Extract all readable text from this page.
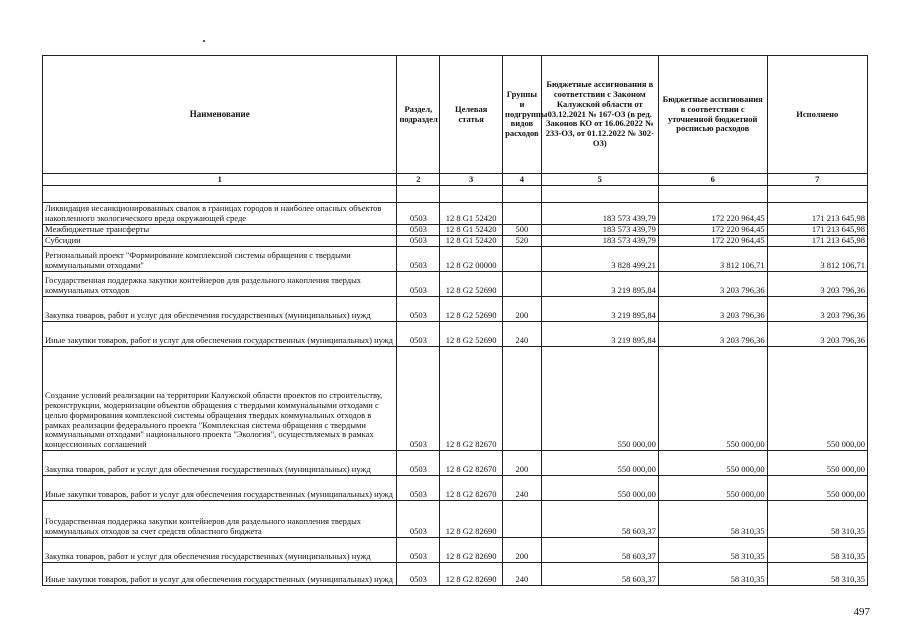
Наименование	Раздел, подраздел	Целевая статья	Группы и подгруппы видов расходов	Бюджетные ассигнования в соответствии с Законом Калужской области от 03.12.2021 № 167-ОЗ (в ред. Законов КО от 16.06.2022 № 233-ОЗ, от 01.12.2022 № 302-ОЗ)	Бюджетные ассигнования в соответствии с уточненной бюджетной росписью расходов	Исполнено
1	2	3	4	5	6	7

Ликвидация несанкционированных свалок в границах городов и наиболее опасных объектов накопленного экологического вреда окружающей среде	0503	12 8 G1 52420		183 573 439,79	172 220 964,45	171 213 645,98
Межбюджетные трансферты	0503	12 8 G1 52420	500	183 573 439,79	172 220 964,45	171 213 645,98
Субсидии	0503	12 8 G1 52420	520	183 573 439,79	172 220 964,45	171 213 645,98
Региональный проект "Формирование комплексной системы обращения с твердыми коммунальными отходами"	0503	12 8 G2 00000		3 828 499,21	3 812 106,71	3 812 106,71
Государственная поддержка закупки контейнеров для раздельного накопления твердых коммунальных отходов	0503	12 8 G2 52690		3 219 895,84	3 203 796,36	3 203 796,36
Закупка товаров, работ и услуг для обеспечения государственных (муниципальных) нужд	0503	12 8 G2 52690	200	3 219 895,84	3 203 796,36	3 203 796,36
Иные закупки товаров, работ и услуг для обеспечения государственных (муниципальных) нужд	0503	12 8 G2 52690	240	3 219 895,84	3 203 796,36	3 203 796,36
Создание условий реализации на территории Калужской области проектов по строительству, реконструкции, модернизации объектов обращения с твердыми коммунальными отходами с целью формирования комплексной системы обращения твердых коммунальных отходов в рамках реализации федерального проекта "Комплексная система обращения с твердыми коммунальными отходами" национального проекта "Экология", осуществляемых в рамках концессионных соглашений	0503	12 8 G2 82670		550 000,00	550 000,00	550 000,00
Закупка товаров, работ и услуг для обеспечения государственных (муниципальных) нужд	0503	12 8 G2 82670	200	550 000,00	550 000,00	550 000,00
Иные закупки товаров, работ и услуг для обеспечения государственных (муниципальных) нужд	0503	12 8 G2 82670	240	550 000,00	550 000,00	550 000,00
Государственная поддержка закупки контейнеров для раздельного накопления твердых коммунальных отходов за счет средств областного бюджета	0503	12 8 G2 82690		58 603,37	58 310,35	58 310,35
Закупка товаров, работ и услуг для обеспечения государственных (муниципальных) нужд	0503	12 8 G2 82690	200	58 603,37	58 310,35	58 310,35
Иные закупки товаров, работ и услуг для обеспечения государственных (муниципальных) нужд	0503	12 8 G2 82690	240	58 603,37	58 310,35	58 310,35
497
